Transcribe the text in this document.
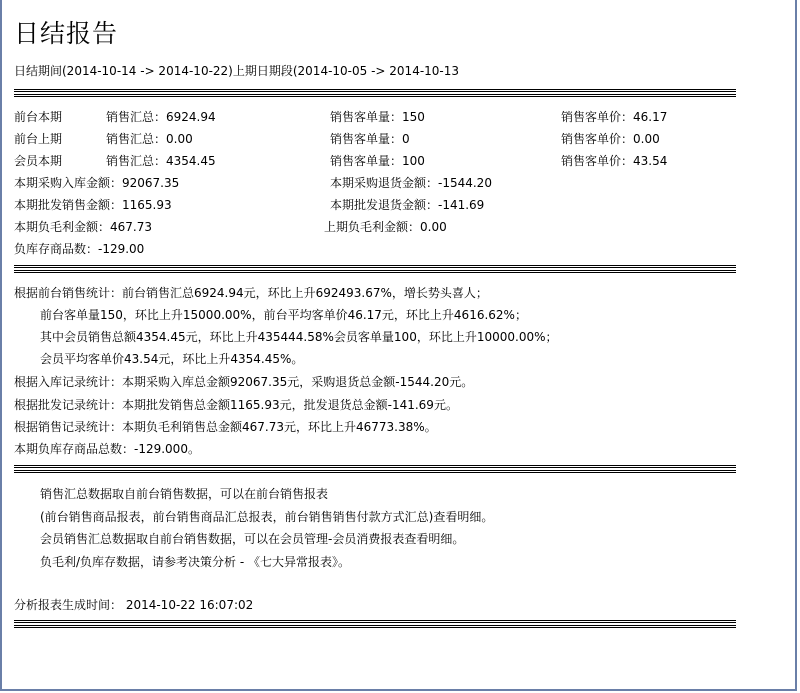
日结报告
日结期间(2014-10-14 -> 2014-10-22)上期日期段(2014-10-05 -> 2014-10-13
前台本期	销售汇总：6924.94	销售客单量：150	销售客单价：46.17
前台上期	销售汇总：0.00	销售客单量：0	销售客单价：0.00
会员本期	销售汇总：4354.45	销售客单量：100	销售客单价：43.54
本期采购入库金额：92067.35	本期采购退货金额：-1544.20
本期批发销售金额：1165.93	本期批发退货金额：-141.69
本期负毛利金额：467.73	上期负毛利金额：0.00
负库存商品数：-129.00
根据前台销售统计：前台销售汇总6924.94元，环比上升692493.67%，增长势头喜人；
前台客单量150，环比上升15000.00%，前台平均客单价46.17元，环比上升4616.62%；
其中会员销售总额4354.45元，环比上升435444.58%会员客单量100，环比上升10000.00%；
会员平均客单价43.54元，环比上升4354.45%。
根据入库记录统计：本期采购入库总金额92067.35元，采购退货总金额-1544.20元。
根据批发记录统计：本期批发销售总金额1165.93元，批发退货总金额-141.69元。
根据销售记录统计：本期负毛利销售总金额467.73元，环比上升46773.38%。
本期负库存商品总数：-129.000。
销售汇总数据取自前台销售数据，可以在前台销售报表
(前台销售商品报表，前台销售商品汇总报表，前台销售销售付款方式汇总)查看明细。
会员销售汇总数据取自前台销售数据，可以在会员管理-会员消费报表查看明细。
负毛利/负库存数据，请参考决策分析 - 《七大异常报表》。
分析报表生成时间： 2014-10-22 16:07:02
